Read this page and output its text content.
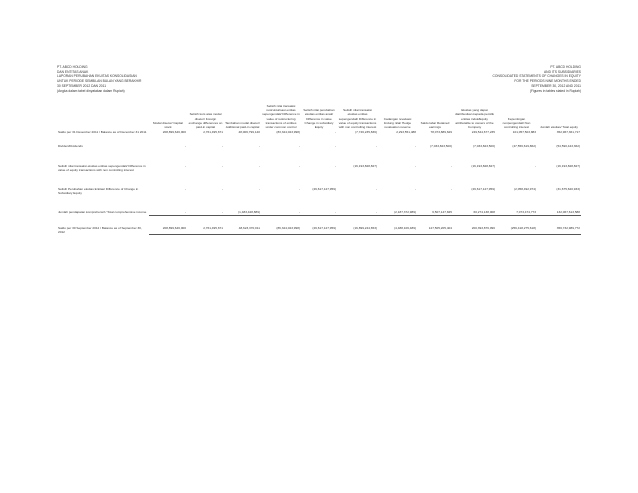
PT. ABCD HOLDING
DAN ENTITAS ANAK
LAPORAN PERUBAHAN EKUITAS KONSOLIDASIAN
UNTUK PERIODE SEMBILAN BULAN YANG BERAKHIR
30 SEPTEMBER 2012 DAN 2011
(Angka dalam tabel dinyatakan dalam Rupiah)
PT. ABCD HOLDING
AND ITS SUBSIDIARIES
CONSOLIDATED STATEMENTS OF CHANGES IN EQUITY
FOR THE PERIODS NINE MONTHS ENDED
SEPTEMBER 30, 2012 AND 2011
(Figures in tables stated in Rupiah)
	Modal disetor/ Capital stock	Selisih kurs atas modal disetor/ Foreign exchange differences on paid-in capital	Tambahan modal disetor/ Additional paid-in capital	Selisih nilai transaksi restrukturisasi entitas sepengendali/ Difference in value of restructuring transactions of entities under common control	Selisih nilai perubahan ekuitas entitas anak/ Difference in value Change in subsidiary Equity	Selisih nilai transaksi ekuitas entitas sepengendali/ Difference in value of equity transactions with non controlling interest	Cadangan revaluasi lindung nilai/ Hedge revaluation reserve	Saldo laba/ Retained earnings	Ekuitas yang dapat diatribusikan kepada pemilik entitas induk/Equity attributable to owners of the Company	Kepentingan nonpengendali/ Non controlling interest	Jumlah ekuitas/ Total equity
Saldo per 31 Desember 2011 / Balance as of December 31 2011	208,899,646,000	2,761,495,671	48,006,799,140	(83,324,023,998)	-	(7,746,235,836)	2,293,551,488	78,073,889,629	249,544,677,235	101,057,503,883	352,967,361,717

Dividen/Dividends	-	-	-	-	-	-	-	(7,033,823,500)	(7,033,823,500)	(47,556,619,862)	(54,590,443,362)

Selisih nilai transaksi ekuitas entitas sepengendali/ Difference in value of equity transactions with non controlling interest	-	-	-	-	-	(16,193,828,827)	-	-	(16,193,828,827)	-	(16,193,828,827)

Selisih Perubahan ekuitas Entitas/ Difference of Change in Subsidiary Equity	-	-	-	-	(29,617,127,959)	-	-	-	(29,617,127,959)	(2,058,492,974)	(31,675,620,933)

Jumlah pendapatan komprehensif / Total comprehensive income	-	-	(1,483,428,889)	-	-	-	(2,187,372,989)	6,507,147,845	60,274,138,008	7,073,474,773	132,067,613,588

Saldo per 30 September 2012 / Balance as of September 30, 2012	208,899,646,000	2,761,495,671	48,623,370,011	(86,324,023,998)	(29,617,127,959)	(16,899,244,653)	(4,488,106,489)	127,505,205,404	200,393,876,096	(259,418,275,618)	356,732,989,772
